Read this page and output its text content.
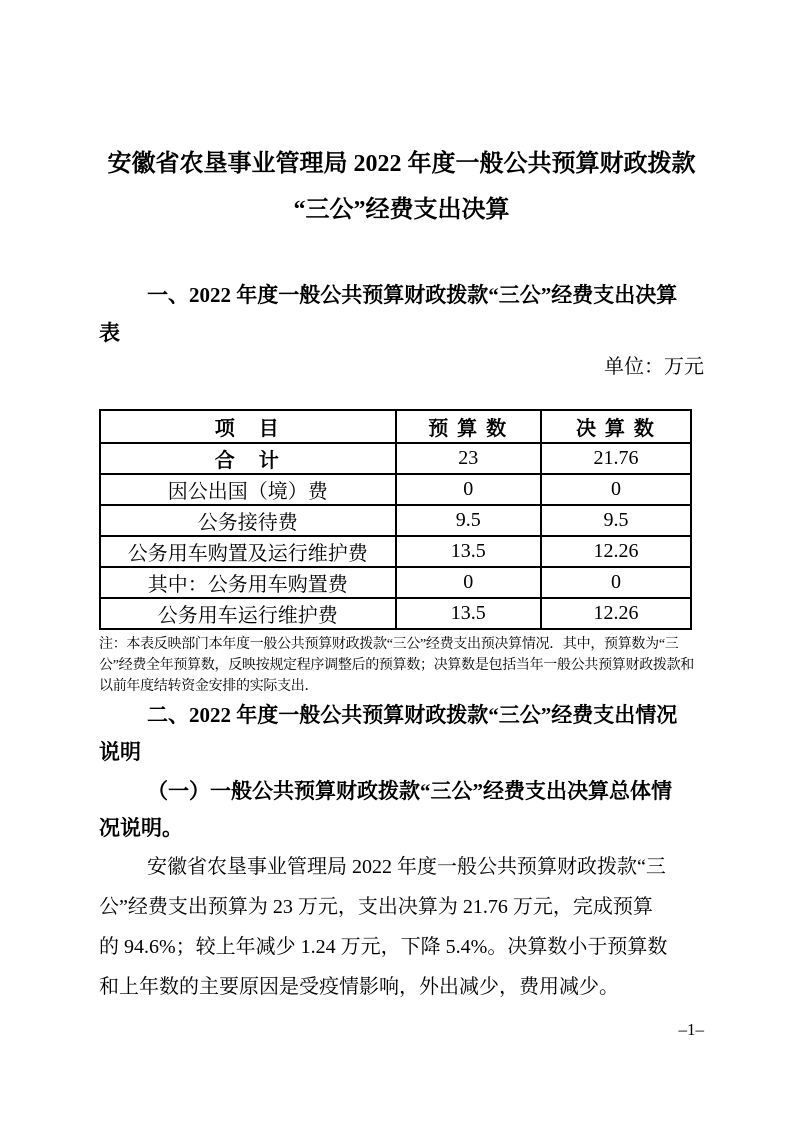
安徽省农垦事业管理局 2022 年度一般公共预算财政拨款
“三公”经费支出决算
一、2022 年度一般公共预算财政拨款“三公”经费支出决算
表
单位：万元
项　目	预 算 数	决 算 数
合　计	23	21.76
因公出国（境）费	0	0
公务接待费	9.5	9.5
公务用车购置及运行维护费	13.5	12.26
其中：公务用车购置费	0	0
公务用车运行维护费	13.5	12.26
注：本表反映部门本年度一般公共预算财政拨款“三公”经费支出预决算情况．其中，预算数为“三
公”经费全年预算数，反映按规定程序调整后的预算数；决算数是包括当年一般公共预算财政拨款和
以前年度结转资金安排的实际支出．
二、2022 年度一般公共预算财政拨款“三公”经费支出情况
说明
（一）一般公共预算财政拨款“三公”经费支出决算总体情
况说明。
安徽省农垦事业管理局 2022 年度一般公共预算财政拨款“三
公”经费支出预算为 23 万元，支出决算为 21.76 万元，完成预算
的 94.6%；较上年减少 1.24 万元，下降 5.4%。决算数小于预算数
和上年数的主要原因是受疫情影响，外出减少，费用减少。
–1–
